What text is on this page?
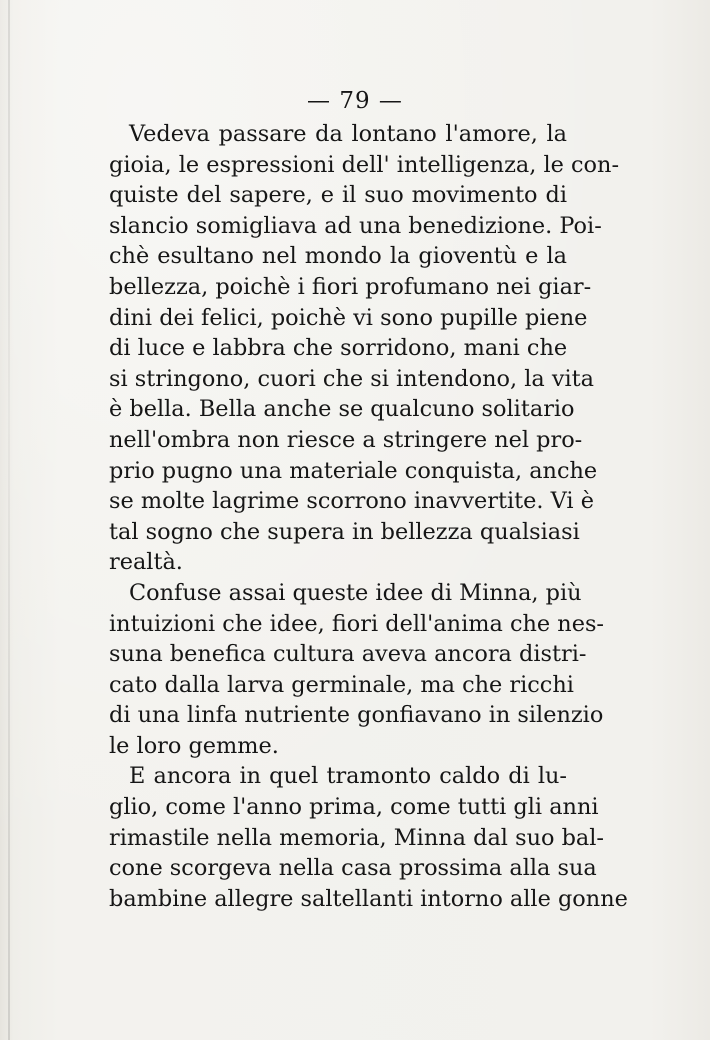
— 79 —
Vedeva passare da lontano l'amore, la
gioia, le espressioni dell' intelligenza, le con-
quiste del sapere, e il suo movimento di
slancio somigliava ad una benedizione. Poi-
chè esultano nel mondo la gioventù e la
bellezza, poichè i fiori profumano nei giar-
dini dei felici, poichè vi sono pupille piene
di luce e labbra che sorridono, mani che
si stringono, cuori che si intendono, la vita
è bella. Bella anche se qualcuno solitario
nell'ombra non riesce a stringere nel pro-
prio pugno una materiale conquista, anche
se molte lagrime scorrono inavvertite. Vi è
tal sogno che supera in bellezza qualsiasi
realtà.
Confuse assai queste idee di Minna, più
intuizioni che idee, fiori dell'anima che nes-
suna benefica cultura aveva ancora distri-
cato dalla larva germinale, ma che ricchi
di una linfa nutriente gonfiavano in silenzio
le loro gemme.
E ancora in quel tramonto caldo di lu-
glio, come l'anno prima, come tutti gli anni
rimastile nella memoria, Minna dal suo bal-
cone scorgeva nella casa prossima alla sua
bambine allegre saltellanti intorno alle gonne
